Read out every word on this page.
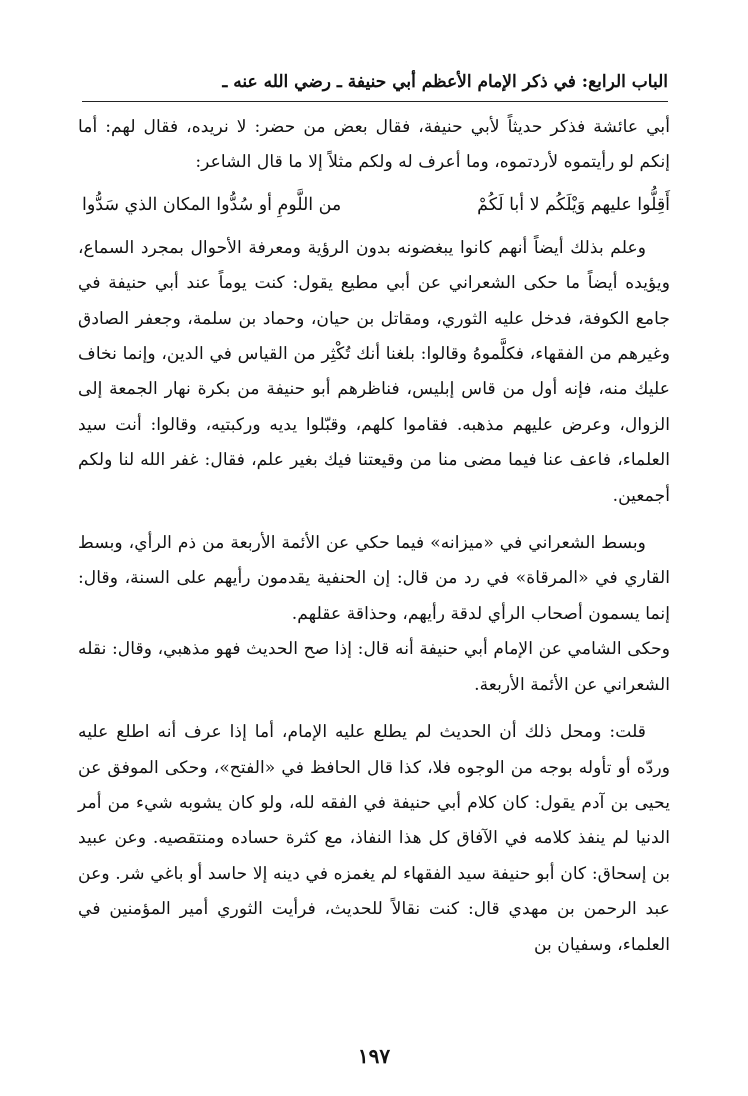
الباب الرابع: في ذكر الإمام الأعظم أبي حنيفة ـ رضي الله عنه ـ

أبي عائشة فذكر حديثاً لأبي حنيفة، فقال بعض من حضر: لا نريده، فقال لهم: أما إنكم لو رأيتموه لأردتموه، وما أعرف له ولكم مثلاً إلا ما قال الشاعر:

أَقِلُّوا عليهم وَيْلَكُم لا أبا لَكُمْ
من اللَّومِ أو سُدُّوا المكان الذي سَدُّوا

وعلم بذلك أيضاً أنهم كانوا يبغضونه بدون الرؤية ومعرفة الأحوال بمجرد السماع، ويؤيده أيضاً ما حكى الشعراني عن أبي مطيع يقول: كنت يوماً عند أبي حنيفة في جامع الكوفة، فدخل عليه الثوري، ومقاتل بن حيان، وحماد بن سلمة، وجعفر الصادق وغيرهم من الفقهاء، فكلَّموهُ وقالوا: بلغنا أنك تُكْثِر من القياس في الدين، وإنما نخاف عليك منه، فإنه أول من قاس إبليس، فناظرهم أبو حنيفة من بكرة نهار الجمعة إلى الزوال، وعرض عليهم مذهبه. فقاموا كلهم، وقبّلوا يديه وركبتيه، وقالوا: أنت سيد العلماء، فاعف عنا فيما مضى منا من وقيعتنا فيك بغير علم، فقال: غفر الله لنا ولكم أجمعين.

وبسط الشعراني في «ميزانه» فيما حكي عن الأئمة الأربعة من ذم الرأي، وبسط القاري في «المرقاة» في رد من قال: إن الحنفية يقدمون رأيهم على السنة، وقال: إنما يسمون أصحاب الرأي لدقة رأيهم، وحذاقة عقلهم.

وحكى الشامي عن الإمام أبي حنيفة أنه قال: إذا صح الحديث فهو مذهبي، وقال: نقله الشعراني عن الأئمة الأربعة.

قلت: ومحل ذلك أن الحديث لم يطلع عليه الإمام، أما إذا عرف أنه اطلع عليه وردّه أو تأوله بوجه من الوجوه فلا، كذا قال الحافظ في «الفتح»، وحكى الموفق عن يحيى بن آدم يقول: كان كلام أبي حنيفة في الفقه لله، ولو كان يشوبه شيء من أمر الدنيا لم ينفذ كلامه في الآفاق كل هذا النفاذ، مع كثرة حساده ومنتقصيه. وعن عبيد بن إسحاق: كان أبو حنيفة سيد الفقهاء لم يغمزه في دينه إلا حاسد أو باغي شر. وعن عبد الرحمن بن مهدي قال: كنت نقالاً للحديث، فرأيت الثوري أمير المؤمنين في العلماء، وسفيان بن

١٩٧
